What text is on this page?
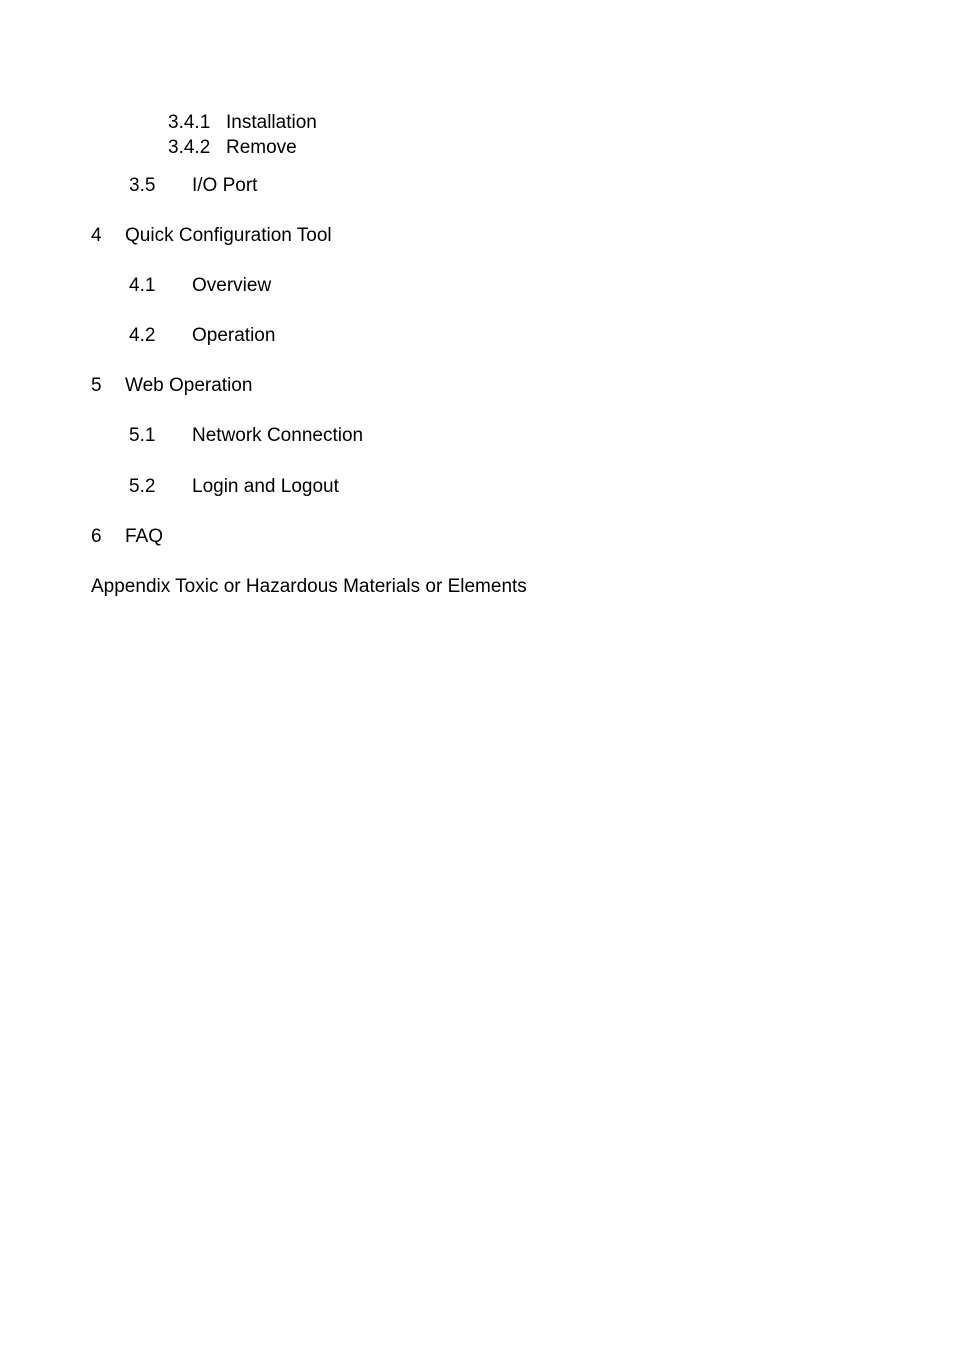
3.4.1 Installation
3.4.2 Remove
3.5 I/O Port
4 Quick Configuration Tool
4.1 Overview
4.2 Operation
5 Web Operation
5.1 Network Connection
5.2 Login and Logout
6 FAQ
Appendix Toxic or Hazardous Materials or Elements
